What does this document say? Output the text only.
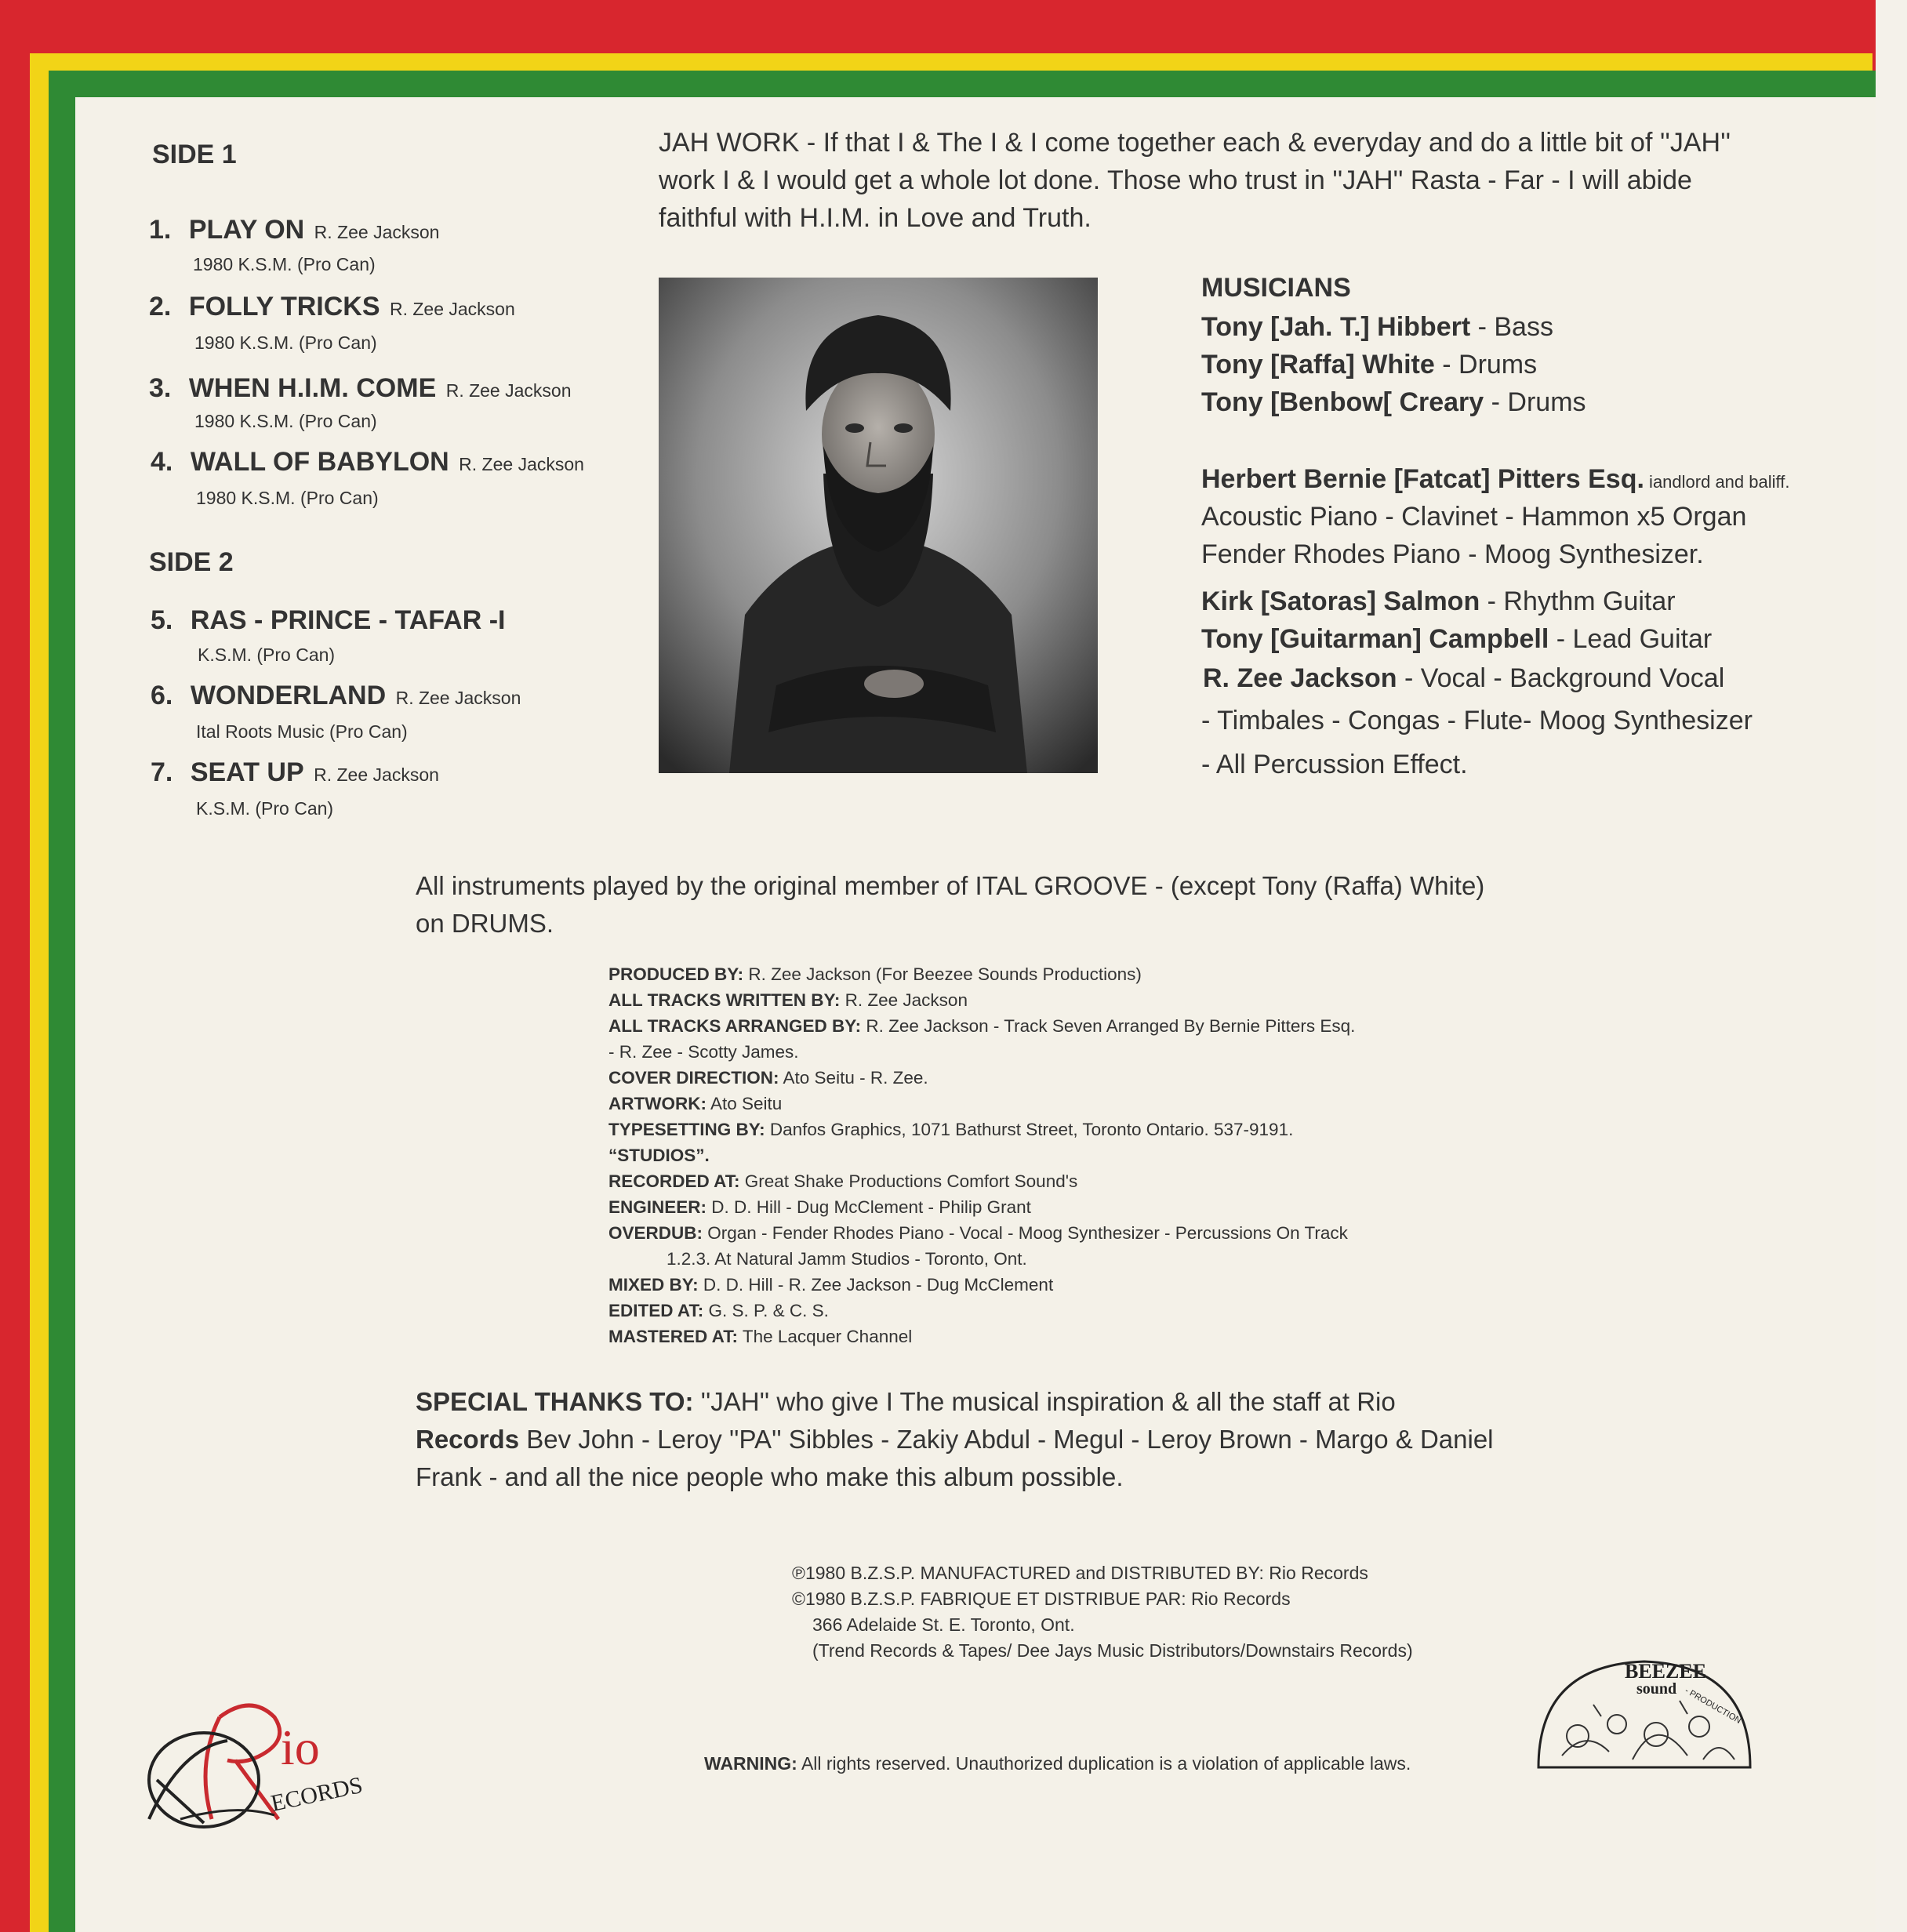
SIDE 1
1. PLAY ON R. Zee Jackson
1980 K.S.M. (Pro Can)
2. FOLLY TRICKS R. Zee Jackson
1980 K.S.M. (Pro Can)
3. WHEN H.I.M. COME R. Zee Jackson
1980 K.S.M. (Pro Can)
4. WALL OF BABYLON R. Zee Jackson
1980 K.S.M. (Pro Can)
SIDE 2
5. RAS - PRINCE - TAFAR -I
K.S.M. (Pro Can)
6. WONDERLAND R. Zee Jackson
Ital Roots Music (Pro Can)
7. SEAT UP R. Zee Jackson
K.S.M. (Pro Can)
JAH WORK - If that I & The I & I come together each & everyday and do a little bit of ''JAH''
work I & I would get a whole lot done. Those who trust in ''JAH'' Rasta - Far - I will abide
faithful with H.I.M. in Love and Truth.
MUSICIANS
Tony [Jah. T.] Hibbert - Bass
Tony [Raffa] White - Drums
Tony [Benbow[ Creary - Drums
Herbert Bernie [Fatcat] Pitters Esq. iandlord and baliff.
Acoustic Piano - Clavinet - Hammon x5 Organ
Fender Rhodes Piano - Moog Synthesizer.
Kirk [Satoras] Salmon - Rhythm Guitar
Tony [Guitarman] Campbell - Lead Guitar
R. Zee Jackson - Vocal - Background Vocal
- Timbales - Congas - Flute- Moog Synthesizer
- All Percussion Effect.
All instruments played by the original member of ITAL GROOVE - (except Tony (Raffa) White)
on DRUMS.
PRODUCED BY: R. Zee Jackson (For Beezee Sounds Productions)
ALL TRACKS WRITTEN BY: R. Zee Jackson
ALL TRACKS ARRANGED BY: R. Zee Jackson - Track Seven Arranged By Bernie Pitters Esq.
- R. Zee - Scotty James.
COVER DIRECTION: Ato Seitu - R. Zee.
ARTWORK: Ato Seitu
TYPESETTING BY: Danfos Graphics, 1071 Bathurst Street, Toronto Ontario. 537-9191.
“STUDIOS”.
RECORDED AT: Great Shake Productions Comfort Sound's
ENGINEER: D. D. Hill - Dug McClement - Philip Grant
OVERDUB: Organ - Fender Rhodes Piano - Vocal - Moog Synthesizer - Percussions On Track
1.2.3. At Natural Jamm Studios - Toronto, Ont.
MIXED BY: D. D. Hill - R. Zee Jackson - Dug McClement
EDITED AT: G. S. P. & C. S.
MASTERED AT: The Lacquer Channel
SPECIAL THANKS TO: ''JAH'' who give I The musical inspiration & all the staff at Rio
Records Bev John - Leroy ''PA'' Sibbles - Zakiy Abdul - Megul - Leroy Brown - Margo & Daniel
Frank - and all the nice people who make this album possible.
℗1980 B.Z.S.P. MANUFACTURED and DISTRIBUTED BY: Rio Records
©1980 B.Z.S.P. FABRIQUE ET DISTRIBUE PAR: Rio Records
366 Adelaide St. E. Toronto, Ont.
(Trend Records & Tapes/ Dee Jays Music Distributors/Downstairs Records)
WARNING: All rights reserved. Unauthorized duplication is a violation of applicable laws.
io
ECORDS
BEEZEE
sound - PRODUCTION
